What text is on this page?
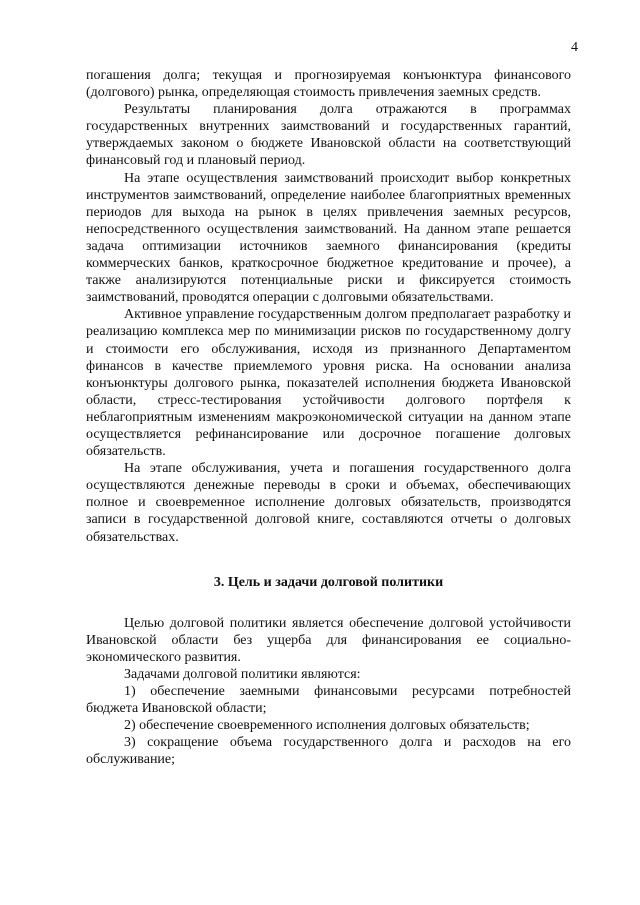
4

погашения долга; текущая и прогнозируемая конъюнктура финансового (долгового) рынка, определяющая стоимость привлечения заемных средств.

Результаты планирования долга отражаются в программах государственных внутренних заимствований и государственных гарантий, утверждаемых законом о бюджете Ивановской области на соответствующий финансовый год и плановый период.

На этапе осуществления заимствований происходит выбор конкретных инструментов заимствований, определение наиболее благоприятных временных периодов для выхода на рынок в целях привлечения заемных ресурсов, непосредственного осуществления заимствований. На данном этапе решается задача оптимизации источников заемного финансирования (кредиты коммерческих банков, краткосрочное бюджетное кредитование и прочее), а также анализируются потенциальные риски и фиксируется стоимость заимствований, проводятся операции с долговыми обязательствами.

Активное управление государственным долгом предполагает разработку и реализацию комплекса мер по минимизации рисков по государственному долгу и стоимости его обслуживания, исходя из признанного Департаментом финансов в качестве приемлемого уровня риска. На основании анализа конъюнктуры долгового рынка, показателей исполнения бюджета Ивановской области, стресс-тестирования устойчивости долгового портфеля к неблагоприятным изменениям макроэкономической ситуации на данном этапе осуществляется рефинансирование или досрочное погашение долговых обязательств.

На этапе обслуживания, учета и погашения государственного долга осуществляются денежные переводы в сроки и объемах, обеспечивающих полное и своевременное исполнение долговых обязательств, производятся записи в государственной долговой книге, составляются отчеты о долговых обязательствах.

3. Цель и задачи долговой политики

Целью долговой политики является обеспечение долговой устойчивости Ивановской области без ущерба для финансирования ее социально-экономического развития.

Задачами долговой политики являются:

1) обеспечение заемными финансовыми ресурсами потребностей бюджета Ивановской области;

2) обеспечение своевременного исполнения долговых обязательств;

3) сокращение объема государственного долга и расходов на его обслуживание;
